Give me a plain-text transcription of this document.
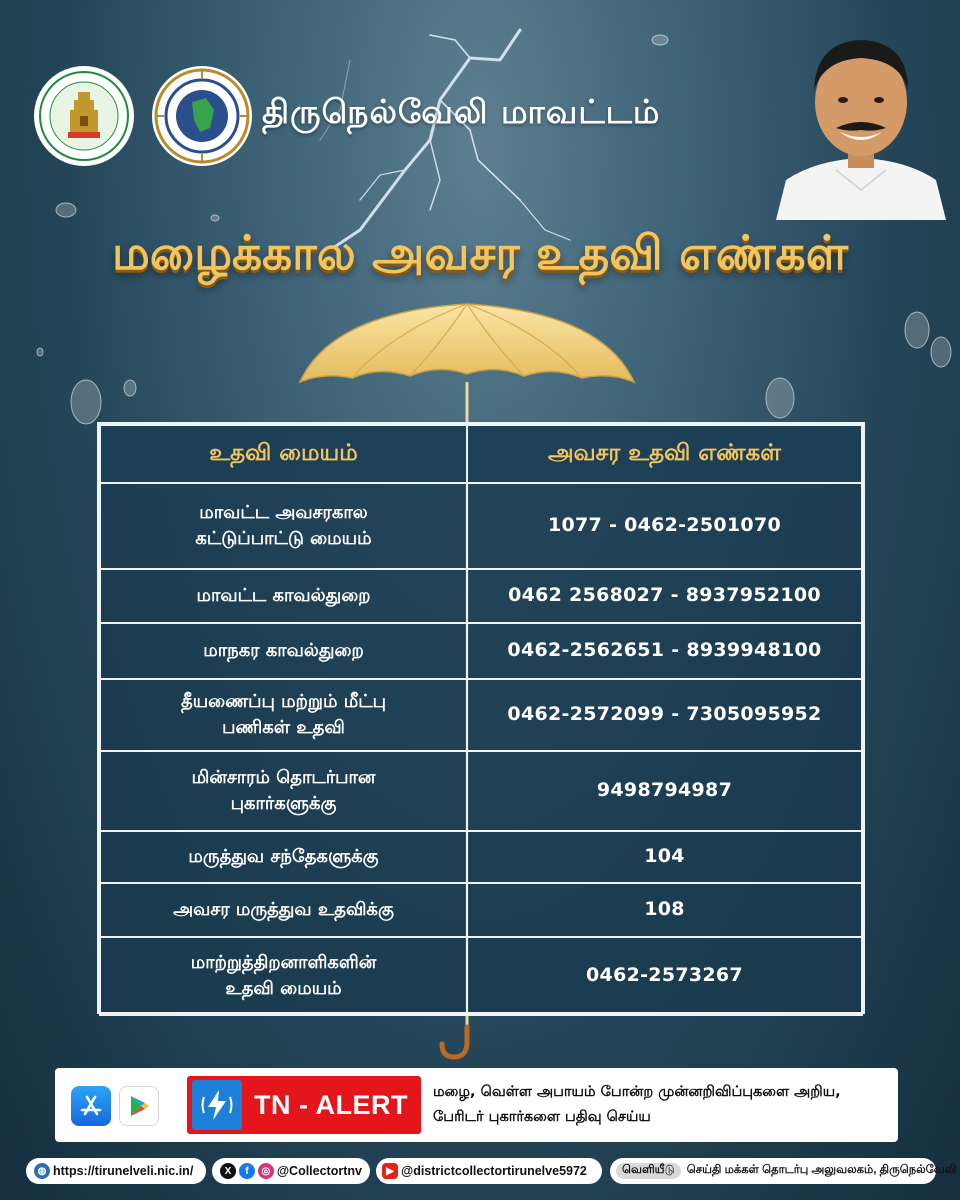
திருநெல்வேலி மாவட்டம்
மழைக்கால அவசர உதவி எண்கள்
உதவி மையம்	அவசர உதவி எண்கள்
மாவட்ட அவசரகால
கட்டுப்பாட்டு மையம்	1077 - 0462-2501070
மாவட்ட காவல்துறை	0462 2568027 - 8937952100
மாநகர காவல்துறை	0462-2562651 - 8939948100
தீயணைப்பு மற்றும் மீட்பு
பணிகள் உதவி	0462-2572099 - 7305095952
மின்சாரம் தொடர்பான
புகார்களுக்கு	9498794987
மருத்துவ சந்தேகளுக்கு	104
அவசர மருத்துவ உதவிக்கு	108
மாற்றுத்திறனாளிகளின்
உதவி மையம்	0462-2573267
TN - ALERT மழை, வெள்ள அபாயம் போன்ற முன்னறிவிப்புகளை அறிய, பேரிடர் புகார்களை பதிவு செய்ய
◍ https://tirunelveli.nic.in/	X	f	◎ @Collectortnv	▶ @districtcollectortirunelve5972	வெளியீடு	செய்தி மக்கள் தொடர்பு அலுவலகம், திருநெல்வேலி
